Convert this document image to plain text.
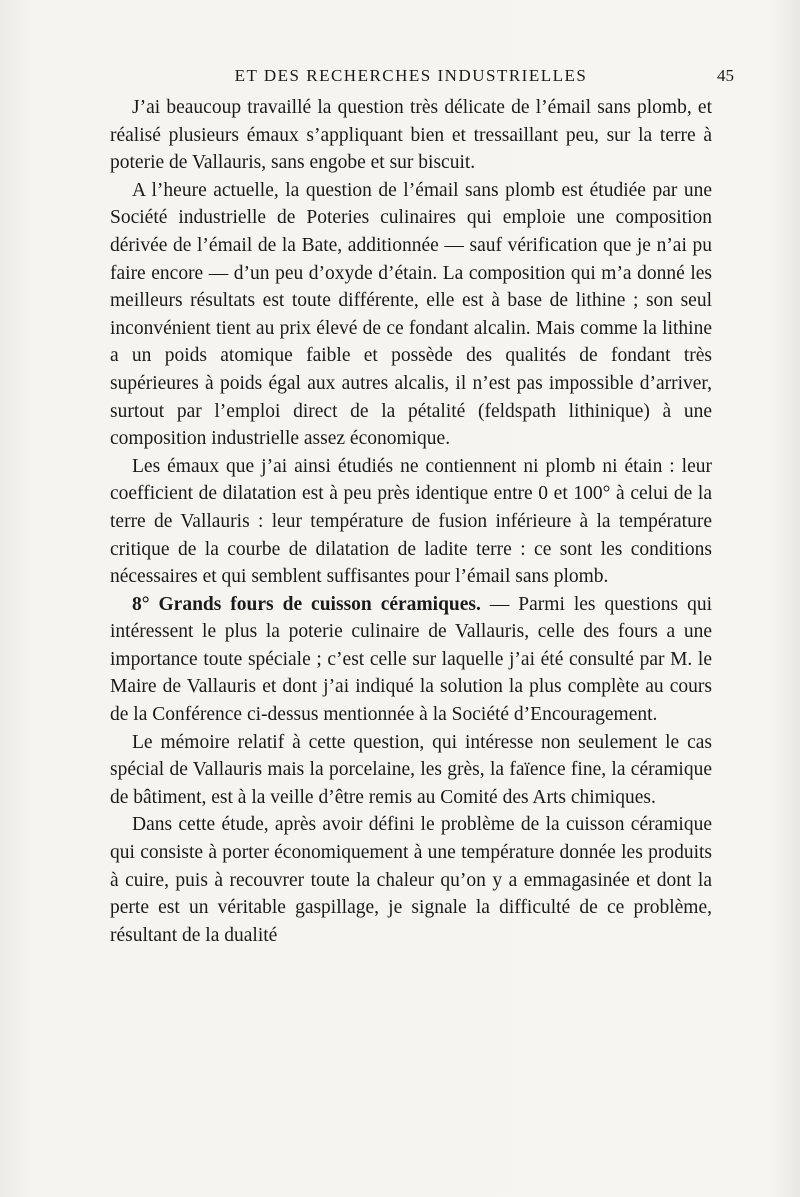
ET DES RECHERCHES INDUSTRIELLES	45

J’ai beaucoup travaillé la question très délicate de l’émail sans plomb, et réalisé plusieurs émaux s’appliquant bien et tressaillant peu, sur la terre à poterie de Vallauris, sans engobe et sur biscuit.

A l’heure actuelle, la question de l’émail sans plomb est étudiée par une Société industrielle de Poteries culinaires qui emploie une composition dérivée de l’émail de la Bate, additionnée — sauf vérification que je n’ai pu faire encore — d’un peu d’oxyde d’étain. La composition qui m’a donné les meilleurs résultats est toute différente, elle est à base de lithine ; son seul inconvénient tient au prix élevé de ce fondant alcalin. Mais comme la lithine a un poids atomique faible et possède des qualités de fondant très supérieures à poids égal aux autres alcalis, il n’est pas impossible d’arriver, surtout par l’emploi direct de la pétalité (feldspath lithinique) à une composition industrielle assez économique.

Les émaux que j’ai ainsi étudiés ne contiennent ni plomb ni étain : leur coefficient de dilatation est à peu près identique entre 0 et 100° à celui de la terre de Vallauris : leur température de fusion inférieure à la température critique de la courbe de dilatation de ladite terre : ce sont les conditions nécessaires et qui semblent suffisantes pour l’émail sans plomb.

8° Grands fours de cuisson céramiques. — Parmi les questions qui intéressent le plus la poterie culinaire de Vallauris, celle des fours a une importance toute spéciale ; c’est celle sur laquelle j’ai été consulté par M. le Maire de Vallauris et dont j’ai indiqué la solution la plus complète au cours de la Conférence ci-dessus mentionnée à la Société d’Encouragement.

Le mémoire relatif à cette question, qui intéresse non seulement le cas spécial de Vallauris mais la porcelaine, les grès, la faïence fine, la céramique de bâtiment, est à la veille d’être remis au Comité des Arts chimiques.

Dans cette étude, après avoir défini le problème de la cuisson céramique qui consiste à porter économiquement à une température donnée les produits à cuire, puis à recouvrer toute la chaleur qu’on y a emmagasinée et dont la perte est un véritable gaspillage, je signale la difficulté de ce problème, résultant de la dualité
